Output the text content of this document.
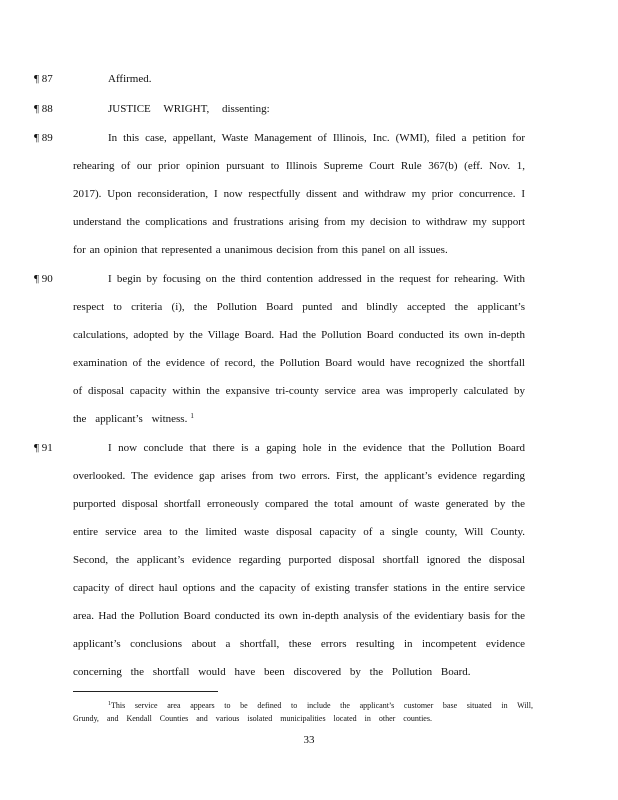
¶ 87	Affirmed.
¶ 88	JUSTICE WRIGHT, dissenting:
¶ 89	In this case, appellant, Waste Management of Illinois, Inc. (WMI), filed a petition for
rehearing of our prior opinion pursuant to Illinois Supreme Court Rule 367(b) (eff. Nov. 1,
2017). Upon reconsideration, I now respectfully dissent and withdraw my prior concurrence. I
understand the complications and frustrations arising from my decision to withdraw my support
for an opinion that represented a unanimous decision from this panel on all issues.
¶ 90	I begin by focusing on the third contention addressed in the request for rehearing. With
respect to criteria (i), the Pollution Board punted and blindly accepted the applicant’s
calculations, adopted by the Village Board. Had the Pollution Board conducted its own in-depth
examination of the evidence of record, the Pollution Board would have recognized the shortfall
of disposal capacity within the expansive tri-county service area was improperly calculated by
the applicant’s witness. $^1$
¶ 91	I now conclude that there is a gaping hole in the evidence that the Pollution Board
overlooked. The evidence gap arises from two errors. First, the applicant’s evidence regarding
purported disposal shortfall erroneously compared the total amount of waste generated by the
entire service area to the limited waste disposal capacity of a single county, Will County.
Second, the applicant’s evidence regarding purported disposal shortfall ignored the disposal
capacity of direct haul options and the capacity of existing transfer stations in the entire service
area. Had the Pollution Board conducted its own in-depth analysis of the evidentiary basis for the
applicant’s conclusions about a shortfall, these errors resulting in incompetent evidence
concerning the shortfall would have been discovered by the Pollution Board.
$^1$This service area appears to be defined to include the applicant’s customer base situated in Will,
Grundy, and Kendall Counties and various isolated municipalities located in other counties.
33
